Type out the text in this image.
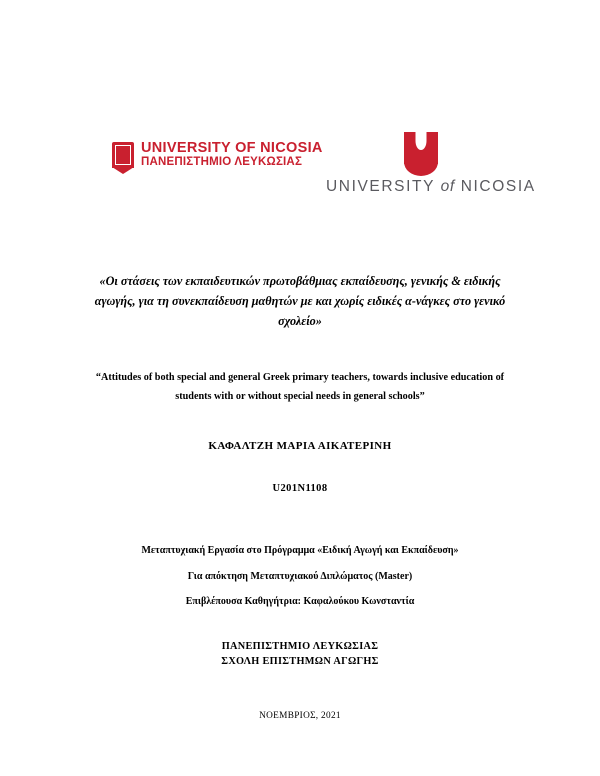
UNIVERSITY OF NICOSIA
ΠΑΝΕΠΙΣΤΗΜΙΟ ΛΕΥΚΩΣΙΑΣ
UNIVERSITY of NICOSIA
«Οι στάσεις των εκπαιδευτικών πρωτοβάθμιας εκπαίδευσης, γενικής & ειδικής αγωγής, για τη συνεκπαίδευση μαθητών με και χωρίς ειδικές α-νάγκες στο γενικό σχολείο»
“Attitudes of both special and general Greek primary teachers, towards inclusive education of students with or without special needs in general schools”
ΚΑΦΑΛΤΖΗ ΜΑΡΙΑ ΑΙΚΑΤΕΡΙΝΗ
U201N1108
Μεταπτυχιακή Εργασία στο Πρόγραμμα «Ειδική Αγωγή και Εκπαίδευση»
Για απόκτηση Μεταπτυχιακού Διπλώματος (Master)
Επιβλέπουσα Καθηγήτρια: Καφαλούκου Κωνσταντία
ΠΑΝΕΠΙΣΤΗΜΙΟ ΛΕΥΚΩΣΙΑΣ
ΣΧΟΛΗ ΕΠΙΣΤΗΜΩΝ ΑΓΩΓΗΣ
ΝΟΕΜΒΡΙΟΣ, 2021
